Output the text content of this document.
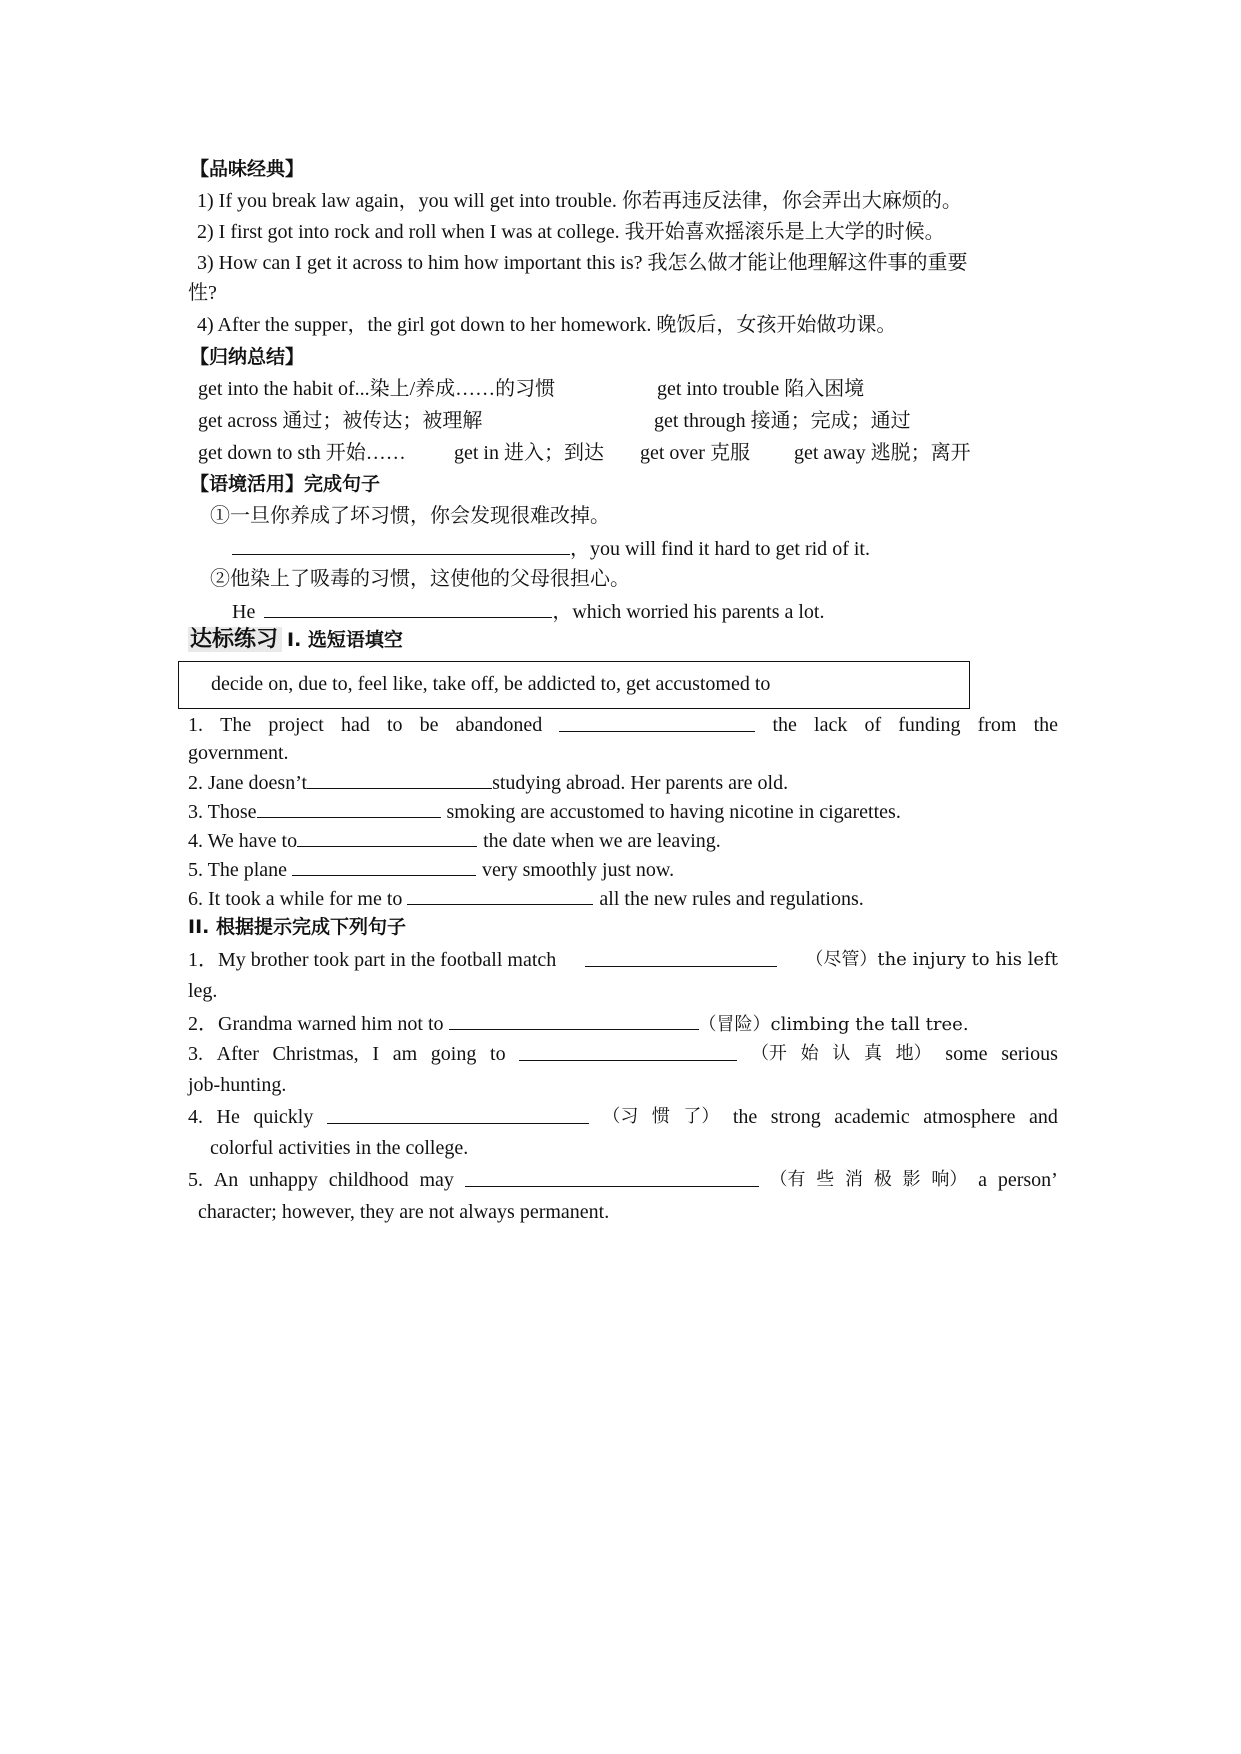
【品味经典】
1) If you break law again，you will get into trouble. 你若再违反法律，你会弄出大麻烦的。
2) I first got into rock and roll when I was at college. 我开始喜欢摇滚乐是上大学的时候。
3) How can I get it across to him how important this is? 我怎么做才能让他理解这件事的重要
性?
4) After the supper，the girl got down to her homework. 晚饭后，女孩开始做功课。
【归纳总结】
get into the habit of...染上/养成……的习惯	get into trouble 陷入困境
get across 通过；被传达；被理解	get through 接通；完成；通过
get down to sth 开始…… get in 进入；到达 get over 克服 get away 逃脱；离开
【语境活用】完成句子
①一旦你养成了坏习惯，你会发现很难改掉。
，you will find it hard to get rid of it.
②他染上了吸毒的习惯，这使他的父母很担心。
He	，which worried his parents a lot.
达标练习 I. 选短语填空
decide on, due to, feel like, take off, be addicted to, get accustomed to
1. The project had to be abandoned	the lack of funding from the
government.
2. Jane doesn’t	studying abroad. Her parents are old.
3. Those	smoking are accustomed to having nicotine in cigarettes.
4. We have to	the date when we are leaving.
5. The plane	very smoothly just now.
6. It took a while for me to	all the new rules and regulations.
II. 根据提示完成下列句子
1．My brother took part in the football match	（尽管）the injury to his left
leg.
2．Grandma warned him not to	（冒险）climbing the tall tree.
3. After Christmas, I am going to	（开 始 认 真 地） some serious
job-hunting.
4. He quickly	（习 惯 了） the strong academic atmosphere and
colorful activities in the college.
5. An unhappy childhood may	（有 些 消 极 影 响） a person’
character; however, they are not always permanent.
